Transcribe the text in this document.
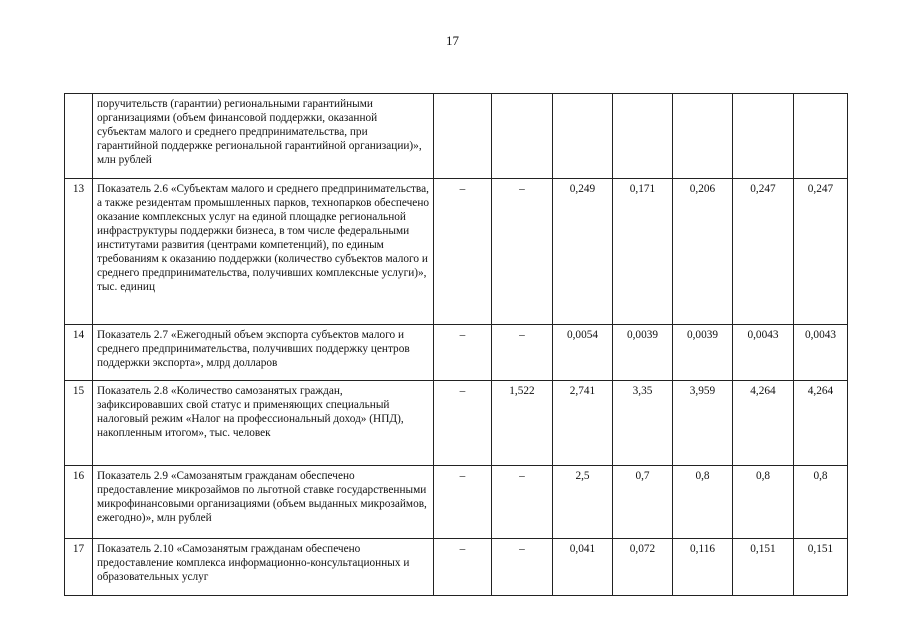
17
	поручительств (гарантии) региональными гарантийными организациями (объем финансовой поддержки, оказанной субъектам малого и среднего предпринимательства, при гарантийной поддержке региональной гарантийной организации)», млн рублей							
13	Показатель 2.6 «Субъектам малого и среднего предпринимательства, а также резидентам промышленных парков, технопарков обеспечено оказание комплексных услуг на единой площадке региональной инфраструктуры поддержки бизнеса, в том числе федеральными институтами развития (центрами компетенций), по единым требованиям к оказанию поддержки (количество субъектов малого и среднего предпринимательства, получивших комплексные услуги)», тыс. единиц	–	–	0,249	0,171	0,206	0,247	0,247
14	Показатель 2.7 «Ежегодный объем экспорта субъектов малого и среднего предпринимательства, получивших поддержку центров поддержки экспорта», млрд долларов	–	–	0,0054	0,0039	0,0039	0,0043	0,0043
15	Показатель 2.8 «Количество самозанятых граждан, зафиксировавших свой статус и применяющих специальный налоговый режим «Налог на профессиональный доход» (НПД), накопленным итогом», тыс. человек	–	1,522	2,741	3,35	3,959	4,264	4,264
16	Показатель 2.9 «Самозанятым гражданам обеспечено предоставление микрозаймов по льготной ставке государственными микрофинансовыми организациями (объем выданных микрозаймов, ежегодно)», млн рублей	–	–	2,5	0,7	0,8	0,8	0,8
17	Показатель 2.10 «Самозанятым гражданам обеспечено предоставление комплекса информационно-консультационных и образовательных услуг	–	–	0,041	0,072	0,116	0,151	0,151
